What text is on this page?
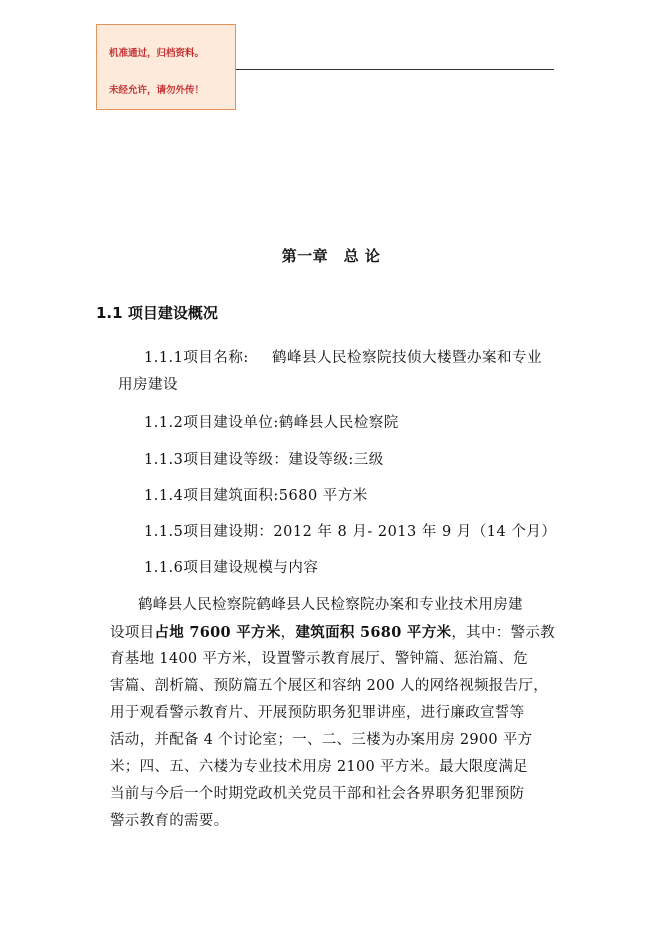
机准通过，归档资料。
未经允许，请勿外传！
第一章　总 论
1.1 项目建设概况
1.1.1项目名称: 鹤峰县人民检察院技侦大楼暨办案和专业
用房建设
1.1.2项目建设单位:鹤峰县人民检察院
1.1.3项目建设等级：建设等级:三级
1.1.4项目建筑面积:5680 平方米
1.1.5项目建设期：2012 年 8 月- 2013 年 9 月（14 个月）
1.1.6项目建设规模与内容
鹤峰县人民检察院鹤峰县人民检察院办案和专业技术用房建
设项目占地 7600 平方米，建筑面积 5680 平方米，其中：警示教
育基地 1400 平方米，设置警示教育展厅、警钟篇、惩治篇、危
害篇、剖析篇、预防篇五个展区和容纳 200 人的网络视频报告厅，
用于观看警示教育片、开展预防职务犯罪讲座，进行廉政宣誓等
活动，并配备 4 个讨论室；一、二、三楼为办案用房 2900 平方
米；四、五、六楼为专业技术用房 2100 平方米。最大限度满足
当前与今后一个时期党政机关党员干部和社会各界职务犯罪预防
警示教育的需要。
